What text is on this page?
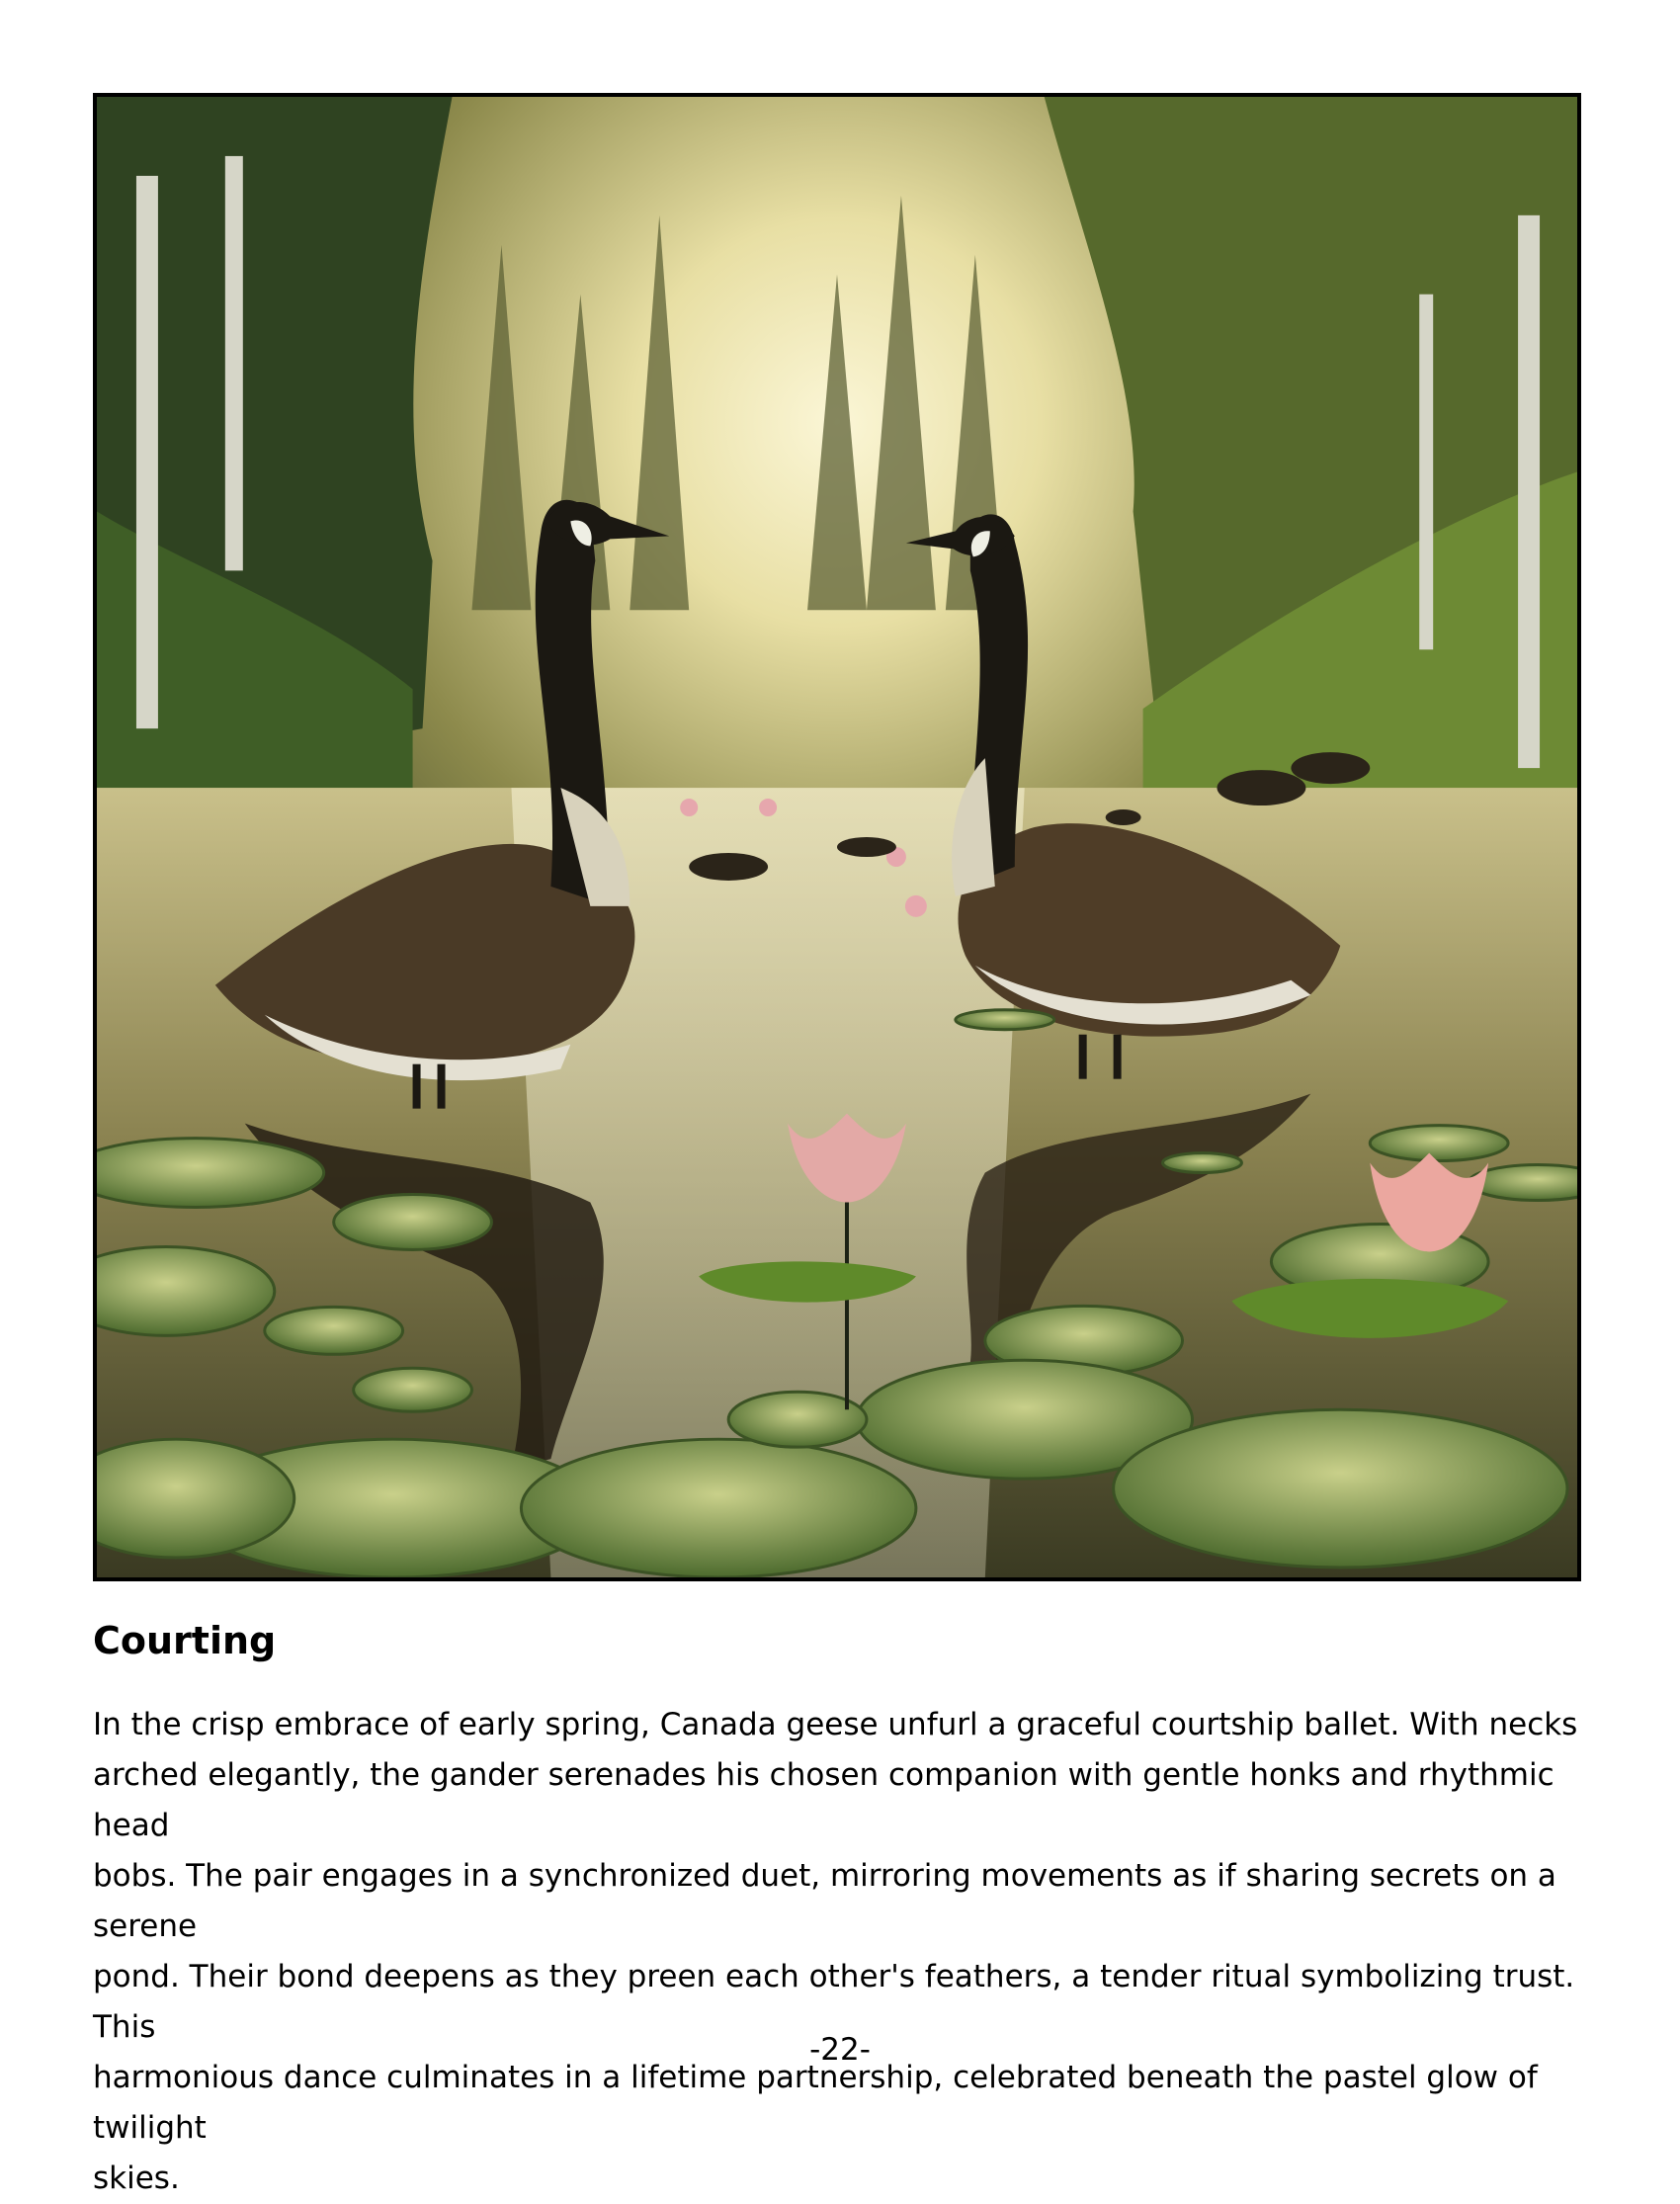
Courting

In the crisp embrace of early spring, Canada geese unfurl a graceful courtship ballet. With necks
arched elegantly, the gander serenades his chosen companion with gentle honks and rhythmic head
bobs. The pair engages in a synchronized duet, mirroring movements as if sharing secrets on a serene
pond. Their bond deepens as they preen each other's feathers, a tender ritual symbolizing trust. This
harmonious dance culminates in a lifetime partnership, celebrated beneath the pastel glow of twilight
skies.

-22-
